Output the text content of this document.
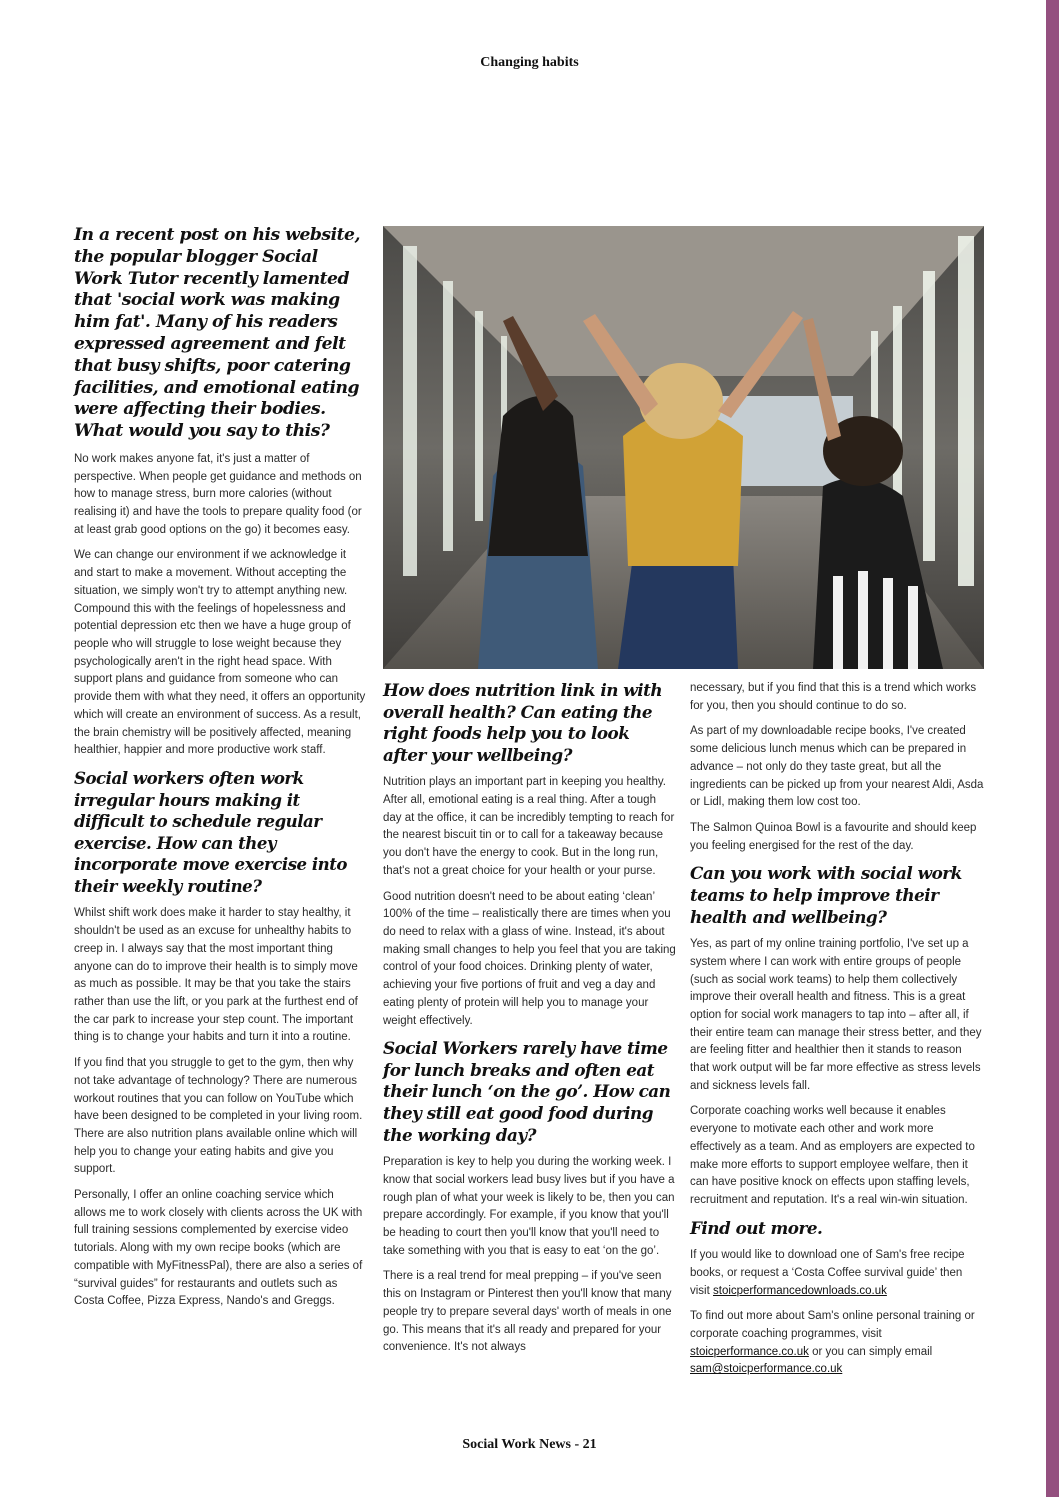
Changing habits
In a recent post on his website, the popular blogger Social Work Tutor recently lamented that 'social work was making him fat'. Many of his readers expressed agreement and felt that busy shifts, poor catering facilities, and emotional eating were affecting their bodies. What would you say to this?

No work makes anyone fat, it's just a matter of perspective. When people get guidance and methods on how to manage stress, burn more calories (without realising it) and have the tools to prepare quality food (or at least grab good options on the go) it becomes easy.

We can change our environment if we acknowledge it and start to make a movement. Without accepting the situation, we simply won't try to attempt anything new. Compound this with the feelings of hopelessness and potential depression etc then we have a huge group of people who will struggle to lose weight because they psychologically aren't in the right head space. With support plans and guidance from someone who can provide them with what they need, it offers an opportunity which will create an environment of success. As a result, the brain chemistry will be positively affected, meaning healthier, happier and more productive work staff.

Social workers often work irregular hours making it difficult to schedule regular exercise. How can they incorporate move exercise into their weekly routine?

Whilst shift work does make it harder to stay healthy, it shouldn't be used as an excuse for unhealthy habits to creep in. I always say that the most important thing anyone can do to improve their health is to simply move as much as possible. It may be that you take the stairs rather than use the lift, or you park at the furthest end of the car park to increase your step count. The important thing is to change your habits and turn it into a routine.

If you find that you struggle to get to the gym, then why not take advantage of technology? There are numerous workout routines that you can follow on YouTube which have been designed to be completed in your living room. There are also nutrition plans available online which will help you to change your eating habits and give you support.

Personally, I offer an online coaching service which allows me to work closely with clients across the UK with full training sessions complemented by exercise video tutorials. Along with my own recipe books (which are compatible with MyFitnessPal), there are also a series of “survival guides” for restaurants and outlets such as Costa Coffee, Pizza Express, Nando's and Greggs.

How does nutrition link in with overall health? Can eating the right foods help you to look after your wellbeing?

Nutrition plays an important part in keeping you healthy. After all, emotional eating is a real thing. After a tough day at the office, it can be incredibly tempting to reach for the nearest biscuit tin or to call for a takeaway because you don't have the energy to cook. But in the long run, that's not a great choice for your health or your purse.

Good nutrition doesn't need to be about eating ‘clean’ 100% of the time – realistically there are times when you do need to relax with a glass of wine. Instead, it's about making small changes to help you feel that you are taking control of your food choices. Drinking plenty of water, achieving your five portions of fruit and veg a day and eating plenty of protein will help you to manage your weight effectively.

Social Workers rarely have time for lunch breaks and often eat their lunch ‘on the go’. How can they still eat good food during the working day?

Preparation is key to help you during the working week. I know that social workers lead busy lives but if you have a rough plan of what your week is likely to be, then you can prepare accordingly. For example, if you know that you'll be heading to court then you'll know that you'll need to take something with you that is easy to eat ‘on the go’.

There is a real trend for meal prepping – if you've seen this on Instagram or Pinterest then you'll know that many people try to prepare several days' worth of meals in one go. This means that it's all ready and prepared for your convenience. It's not always

necessary, but if you find that this is a trend which works for you, then you should continue to do so.

As part of my downloadable recipe books, I've created some delicious lunch menus which can be prepared in advance – not only do they taste great, but all the ingredients can be picked up from your nearest Aldi, Asda or Lidl, making them low cost too.

The Salmon Quinoa Bowl is a favourite and should keep you feeling energised for the rest of the day.

Can you work with social work teams to help improve their health and wellbeing?

Yes, as part of my online training portfolio, I've set up a system where I can work with entire groups of people (such as social work teams) to help them collectively improve their overall health and fitness. This is a great option for social work managers to tap into – after all, if their entire team can manage their stress better, and they are feeling fitter and healthier then it stands to reason that work output will be far more effective as stress levels and sickness levels fall.

Corporate coaching works well because it enables everyone to motivate each other and work more effectively as a team. And as employers are expected to make more efforts to support employee welfare, then it can have positive knock on effects upon staffing levels, recruitment and reputation. It's a real win-win situation.

Find out more.

If you would like to download one of Sam's free recipe books, or request a ‘Costa Coffee survival guide’ then visit stoicperformancedownloads.co.uk

To find out more about Sam's online personal training or corporate coaching programmes, visit stoicperformance.co.uk or you can simply email sam@stoicperformance.co.uk

Social Work News - 21
